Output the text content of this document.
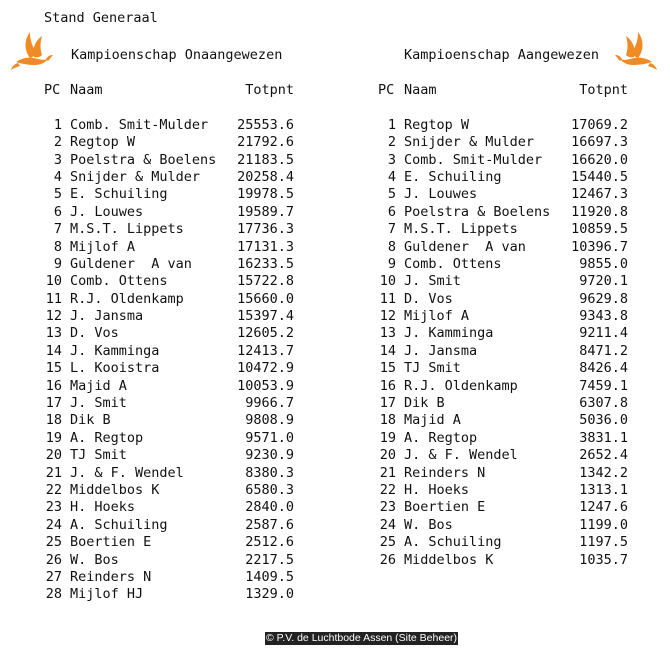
Stand Generaal
Kampioenschap Onaangewezen	Kampioenschap Aangewezen
PC Naam	Totpnt
1 Comb. Smit-Mulder	25553.6
2 Regtop W	21792.6
3 Poelstra & Boelens	21183.5
4 Snijder & Mulder	20258.4
5 E. Schuiling	19978.5
6 J. Louwes	19589.7
7 M.S.T. Lippets	17736.3
8 Mijlof A	17131.3
9 Guldener  A van	16233.5
10 Comb. Ottens	15722.8
11 R.J. Oldenkamp	15660.0
12 J. Jansma	15397.4
13 D. Vos	12605.2
14 J. Kamminga	12413.7
15 L. Kooistra	10472.9
16 Majid A	10053.9
17 J. Smit	9966.7
18 Dik B	9808.9
19 A. Regtop	9571.0
20 TJ Smit	9230.9
21 J. & F. Wendel	8380.3
22 Middelbos K	6580.3
23 H. Hoeks	2840.0
24 A. Schuiling	2587.6
25 Boertien E	2512.6
26 W. Bos	2217.5
27 Reinders N	1409.5
28 Mijlof HJ	1329.0
PC Naam	Totpnt
1 Regtop W	17069.2
2 Snijder & Mulder	16697.3
3 Comb. Smit-Mulder	16620.0
4 E. Schuiling	15440.5
5 J. Louwes	12467.3
6 Poelstra & Boelens	11920.8
7 M.S.T. Lippets	10859.5
8 Guldener  A van	10396.7
9 Comb. Ottens	9855.0
10 J. Smit	9720.1
11 D. Vos	9629.8
12 Mijlof A	9343.8
13 J. Kamminga	9211.4
14 J. Jansma	8471.2
15 TJ Smit	8426.4
16 R.J. Oldenkamp	7459.1
17 Dik B	6307.8
18 Majid A	5036.0
19 A. Regtop	3831.1
20 J. & F. Wendel	2652.4
21 Reinders N	1342.2
22 H. Hoeks	1313.1
23 Boertien E	1247.6
24 W. Bos	1199.0
25 A. Schuiling	1197.5
26 Middelbos K	1035.7
© P.V. de Luchtbode Assen (Site Beheer)
